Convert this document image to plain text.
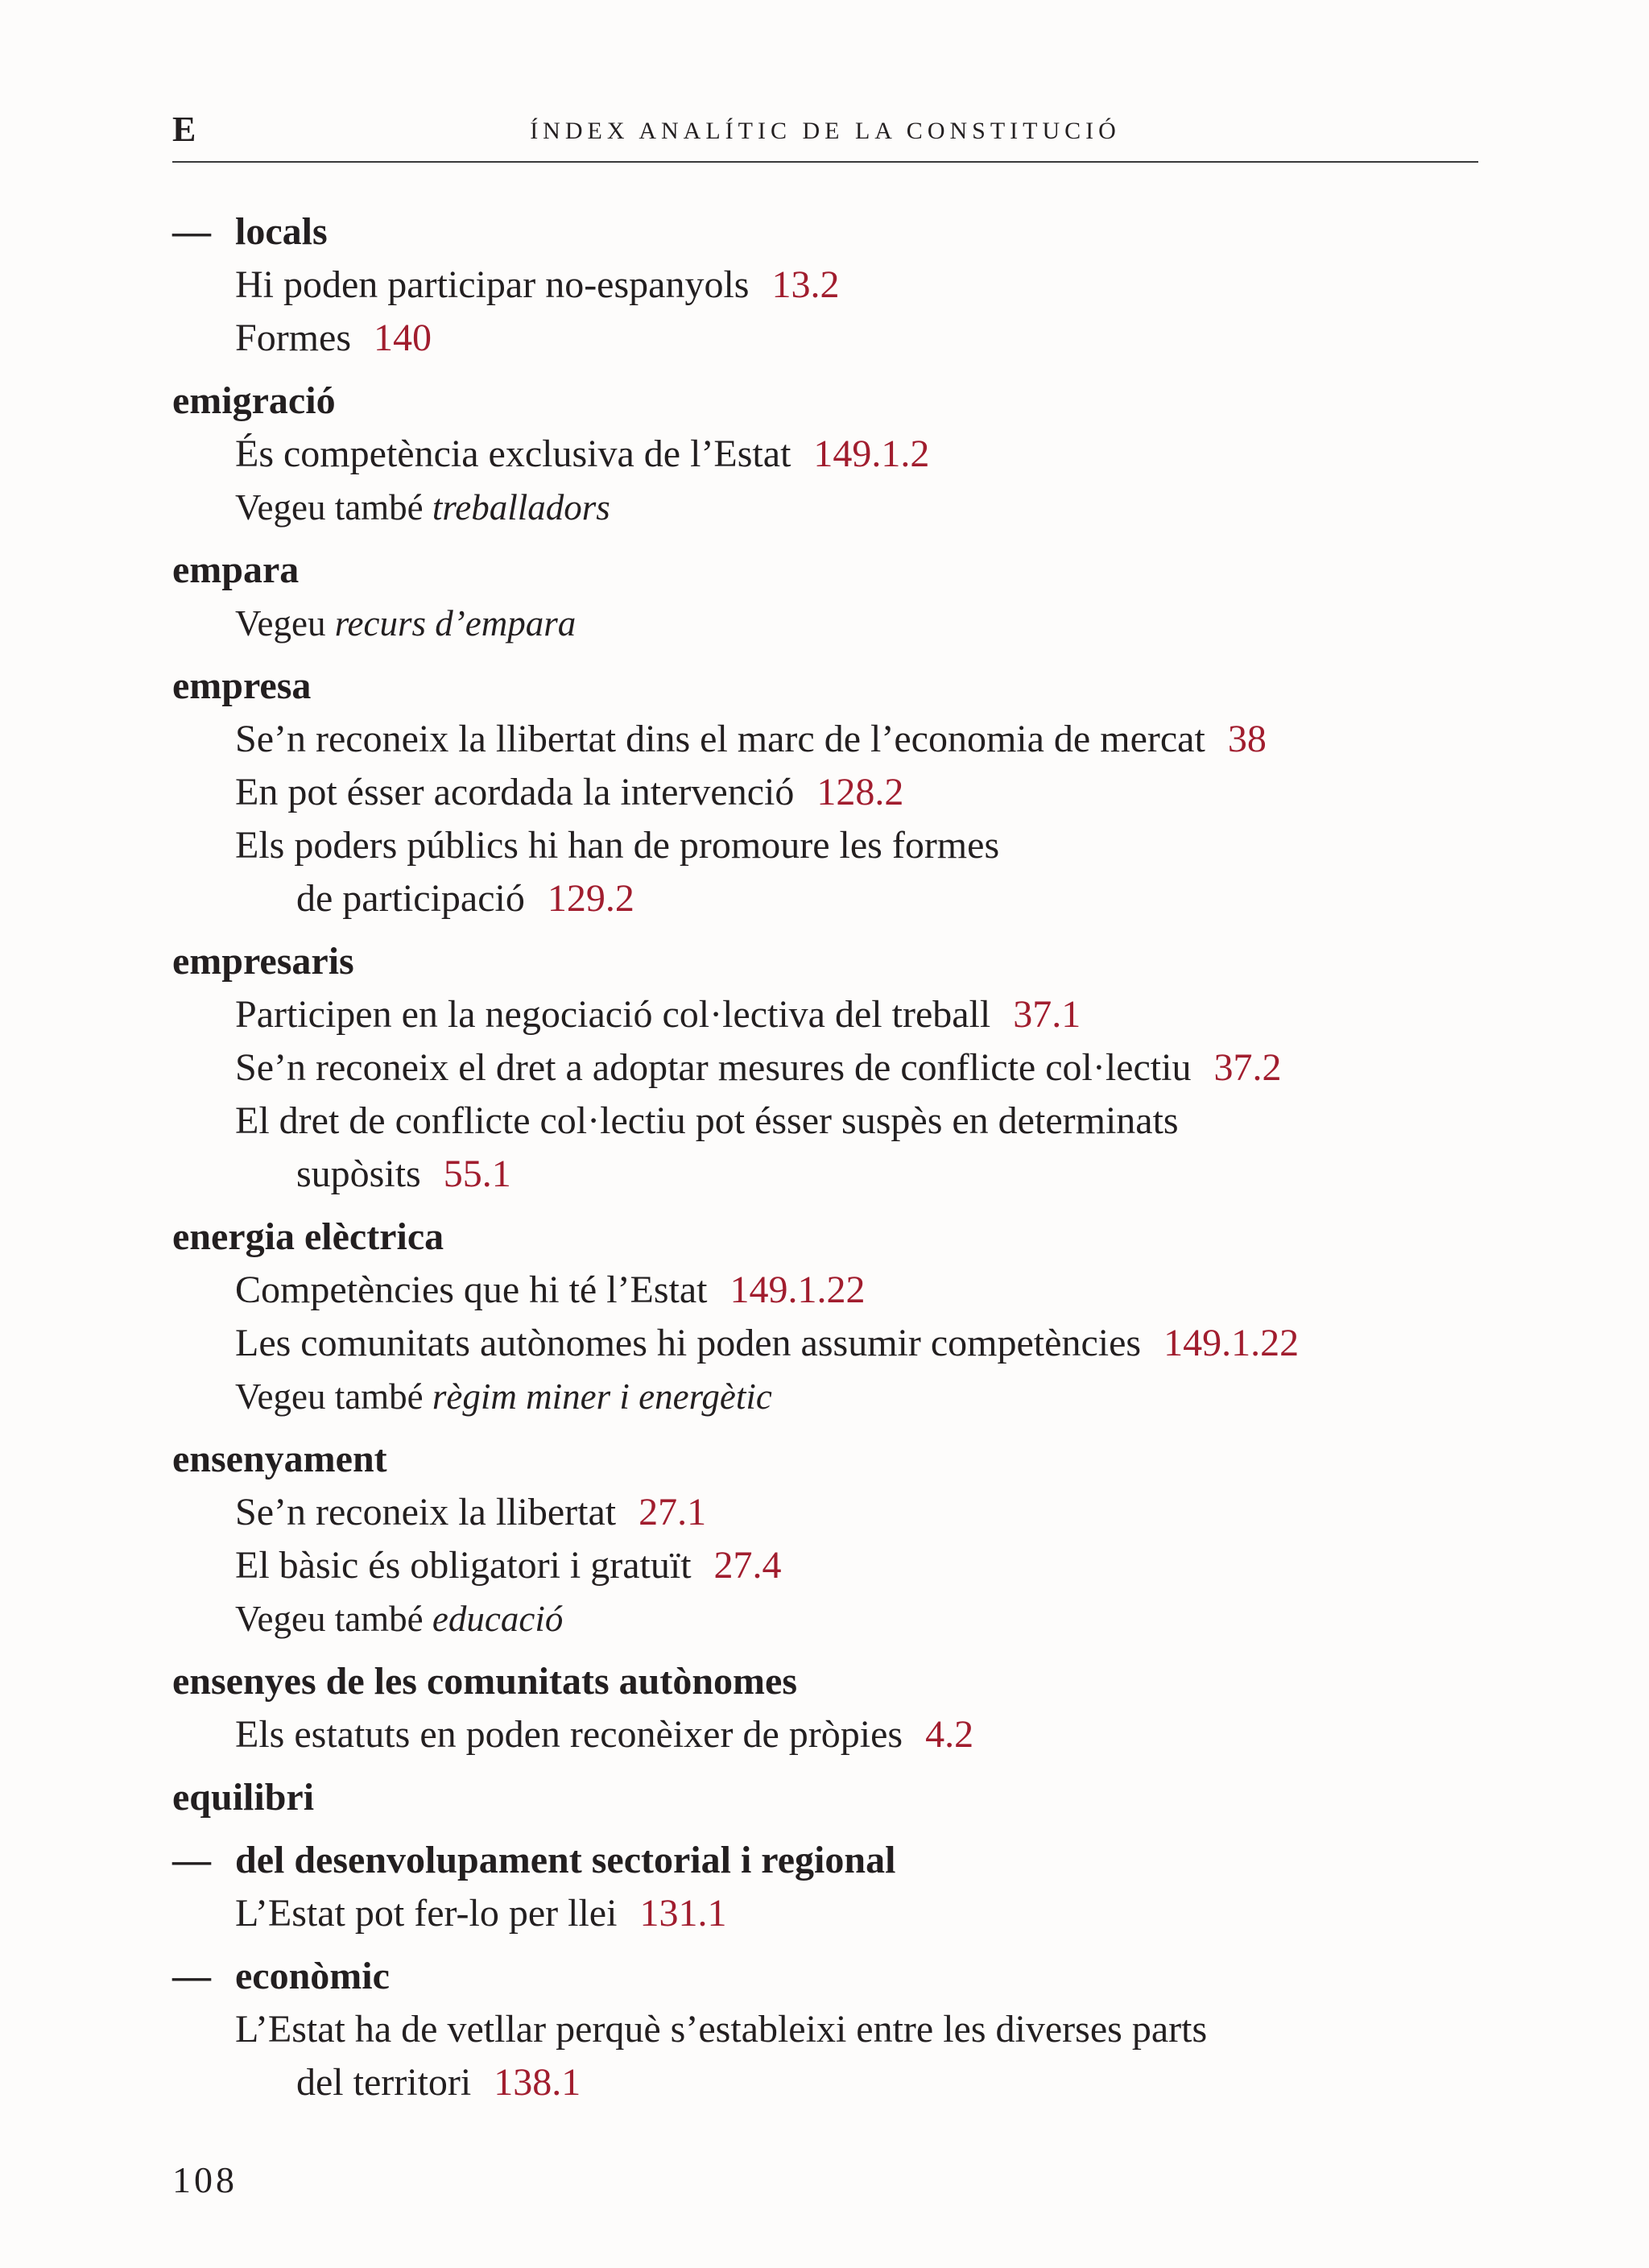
E	ÍNDEX ANALÍTIC DE LA CONSTITUCIÓ
— locals
Hi poden participar no-espanyols 13.2
Formes 140
emigració
És competència exclusiva de l’Estat 149.1.2
Vegeu també treballadors
empara
Vegeu recurs d’empara
empresa
Se’n reconeix la llibertat dins el marc de l’economia de mercat 38
En pot ésser acordada la intervenció 128.2
Els poders públics hi han de promoure les formes
de participació 129.2
empresaris
Participen en la negociació col·lectiva del treball 37.1
Se’n reconeix el dret a adoptar mesures de conflicte col·lectiu 37.2
El dret de conflicte col·lectiu pot ésser suspès en determinats
supòsits 55.1
energia elèctrica
Competències que hi té l’Estat 149.1.22
Les comunitats autònomes hi poden assumir competències 149.1.22
Vegeu també règim miner i energètic
ensenyament
Se’n reconeix la llibertat 27.1
El bàsic és obligatori i gratuït 27.4
Vegeu també educació
ensenyes de les comunitats autònomes
Els estatuts en poden reconèixer de pròpies 4.2
equilibri
— del desenvolupament sectorial i regional
L’Estat pot fer-lo per llei 131.1
— econòmic
L’Estat ha de vetllar perquè s’estableixi entre les diverses parts
del territori 138.1
108
